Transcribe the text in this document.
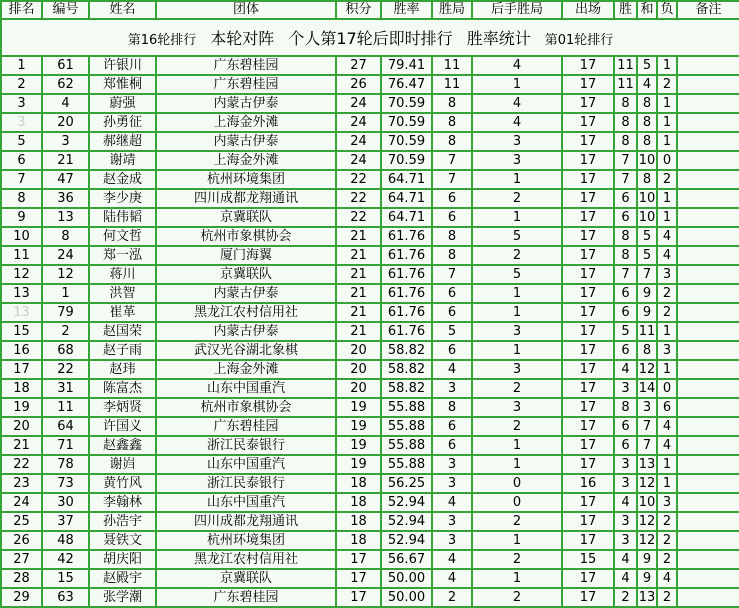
排名	编号	姓名	团体	积分	胜率	胜局	后手胜局	出场	胜	和	负	备注
第16轮排行 本轮对阵 个人第17轮后即时排行 胜率统计 第01轮排行												
1	61	许银川	广东碧桂园	27	79.41	11	4	17	11	5	1	
2	62	郑惟桐	广东碧桂园	26	76.47	11	1	17	11	4	2	
3	4	蔚强	内蒙古伊泰	24	70.59	8	4	17	8	8	1	
3	20	孙勇征	上海金外滩	24	70.59	8	4	17	8	8	1	
5	3	郝继超	内蒙古伊泰	24	70.59	8	3	17	8	8	1	
6	21	谢靖	上海金外滩	24	70.59	7	3	17	7	10	0	
7	47	赵金成	杭州环境集团	22	64.71	7	1	17	7	8	2	
8	36	李少庚	四川成都龙翔通讯	22	64.71	6	2	17	6	10	1	
9	13	陆伟韬	京冀联队	22	64.71	6	1	17	6	10	1	
10	8	何文哲	杭州市象棋协会	21	61.76	8	5	17	8	5	4	
11	24	郑一泓	厦门海翼	21	61.76	8	2	17	8	5	4	
12	12	蒋川	京冀联队	21	61.76	7	5	17	7	7	3	
13	1	洪智	内蒙古伊泰	21	61.76	6	1	17	6	9	2	
13	79	崔革	黑龙江农村信用社	21	61.76	6	1	17	6	9	2	
15	2	赵国荣	内蒙古伊泰	21	61.76	5	3	17	5	11	1	
16	68	赵子雨	武汉光谷湖北象棋	20	58.82	6	1	17	6	8	3	
17	22	赵玮	上海金外滩	20	58.82	4	3	17	4	12	1	
18	31	陈富杰	山东中国重汽	20	58.82	3	2	17	3	14	0	
19	11	李炳贤	杭州市象棋协会	19	55.88	8	3	17	8	3	6	
20	64	许国义	广东碧桂园	19	55.88	6	2	17	6	7	4	
21	71	赵鑫鑫	浙江民泰银行	19	55.88	6	1	17	6	7	4	
22	78	谢岿	山东中国重汽	19	55.88	3	1	17	3	13	1	
23	73	黄竹风	浙江民泰银行	18	56.25	3	0	16	3	12	1	
24	30	李翰林	山东中国重汽	18	52.94	4	0	17	4	10	3	
25	37	孙浩宇	四川成都龙翔通讯	18	52.94	3	2	17	3	12	2	
26	48	聂铁文	杭州环境集团	18	52.94	3	1	17	3	12	2	
27	42	胡庆阳	黑龙江农村信用社	17	56.67	4	2	15	4	9	2	
28	15	赵殿宇	京冀联队	17	50.00	4	1	17	4	9	4	
29	63	张学潮	广东碧桂园	17	50.00	2	2	17	2	13	2	
